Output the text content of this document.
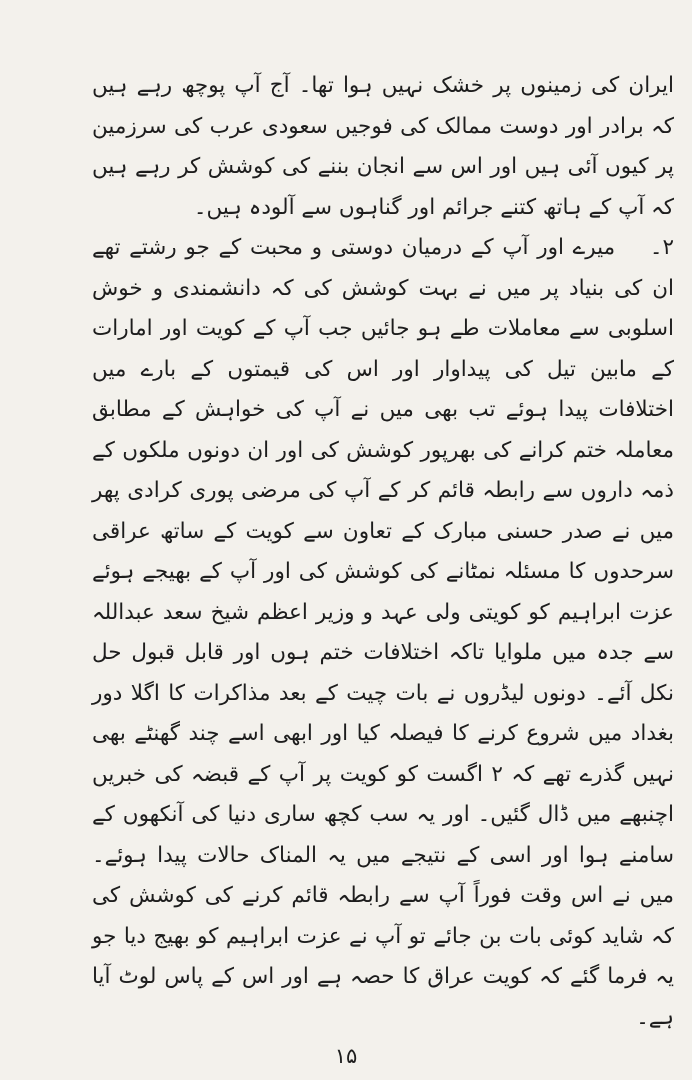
ایران کی زمینوں پر خشک نہیں ہوا تھا۔ آج آپ پوچھ رہے ہیں کہ برادر اور دوست ممالک کی فوجیں سعودی عرب کی سرزمین پر کیوں آئی ہیں اور اس سے انجان بننے کی کوشش کر رہے ہیں کہ آپ کے ہاتھ کتنے جرائم اور گناہوں سے آلودہ ہیں۔

۲۔ میرے اور آپ کے درمیان دوستی و محبت کے جو رشتے تھے ان کی بنیاد پر میں نے بہت کوشش کی کہ دانشمندی و خوش اسلوبی سے معاملات طے ہو جائیں جب آپ کے کویت اور امارات کے مابین تیل کی پیداوار اور اس کی قیمتوں کے بارے میں اختلافات پیدا ہوئے تب بھی میں نے آپ کی خواہش کے مطابق معاملہ ختم کرانے کی بھرپور کوشش کی اور ان دونوں ملکوں کے ذمہ داروں سے رابطہ قائم کر کے آپ کی مرضی پوری کرادی پھر میں نے صدر حسنی مبارک کے تعاون سے کویت کے ساتھ عراقی سرحدوں کا مسئلہ نمٹانے کی کوشش کی اور آپ کے بھیجے ہوئے عزت ابراہیم کو کویتی ولی عہد و وزیر اعظم شیخ سعد عبداللہ سے جدہ میں ملوایا تاکہ اختلافات ختم ہوں اور قابل قبول حل نکل آئے۔ دونوں لیڈروں نے بات چیت کے بعد مذاکرات کا اگلا دور بغداد میں شروع کرنے کا فیصلہ کیا اور ابھی اسے چند گھنٹے بھی نہیں گذرے تھے کہ ۲ اگست کو کویت پر آپ کے قبضہ کی خبریں اچنبھے میں ڈال گئیں۔ اور یہ سب کچھ ساری دنیا کی آنکھوں کے سامنے ہوا اور اسی کے نتیجے میں یہ المناک حالات پیدا ہوئے۔ میں نے اس وقت فوراً آپ سے رابطہ قائم کرنے کی کوشش کی کہ شاید کوئی بات بن جائے تو آپ نے عزت ابراہیم کو بھیج دیا جو یہ فرما گئے کہ کویت عراق کا حصہ ہے اور اس کے پاس لوٹ آیا ہے۔

۱۵
